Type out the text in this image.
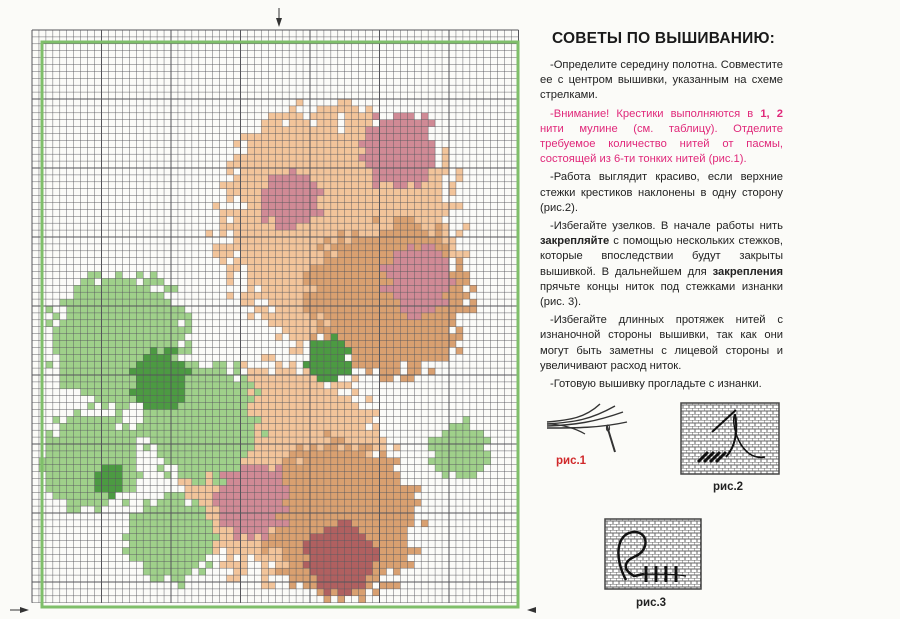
СОВЕТЫ ПО ВЫШИВАНИЮ:
-Определите середину полотна. Совместите ее с центром вышивки, указанным на схеме стрелками.
-Внимание! Крестики выполняются в 1, 2 нити мулине (см. таблицу). Отделите требуемое количество нитей от пасмы, состоящей из 6-ти тонких нитей (рис.1).
-Работа выглядит красиво, если верхние стежки крестиков наклонены в одну сторону (рис.2).
-Избегайте узелков. В начале работы нить закрепляйте с помощью нескольких стежков, которые впоследствии будут закрыты вышивкой. В дальнейшем для закрепления прячьте концы ниток под стежками изнанки (рис. 3).
-Избегайте длинных протяжек нитей с изнаночной стороны вышивки, так как они могут быть заметны с лицевой стороны и увеличивают расход ниток.
-Готовую вышивку прогладьте с изнанки.
рис.1
рис.2
рис.3
